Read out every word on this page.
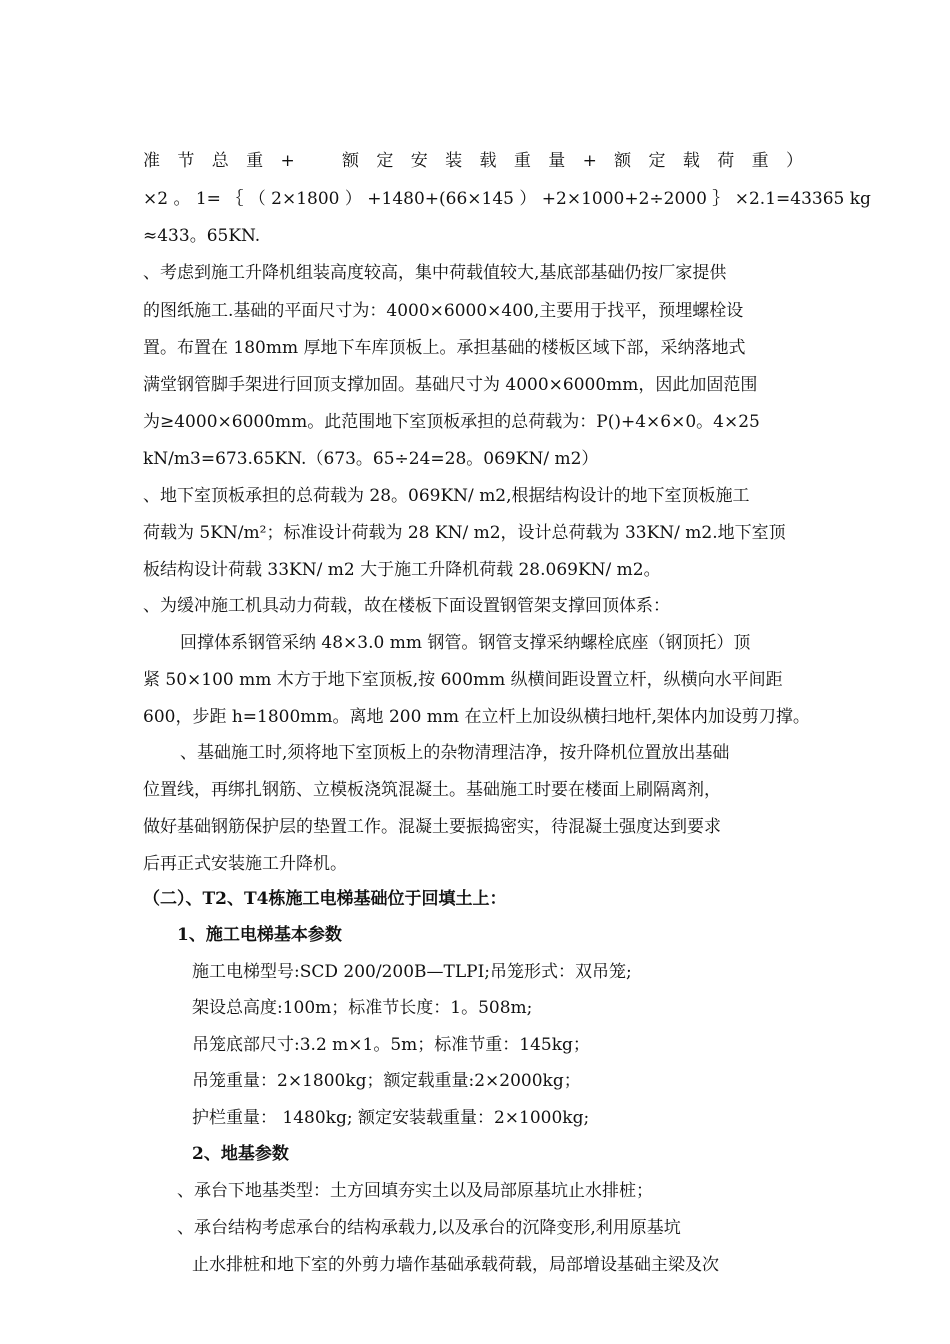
准 节 总 重 +	额 定 安 装 载 重 量 + 额 定 载 荷 重 ）
×2 。 1= ｛ （ 2×1800 ） +1480+(66×145 ） +2×1000+2÷2000 ｝ ×2.1=43365 kg
≈433。65KN.
、考虑到施工升降机组装高度较高，集中荷载值较大,基底部基础仍按厂家提供
的图纸施工.基础的平面尺寸为：4000×6000×400,主要用于找平，预埋螺栓设
置。布置在 180mm 厚地下车库顶板上。承担基础的楼板区域下部，采纳落地式
满堂钢管脚手架进行回顶支撑加固。基础尺寸为 4000×6000mm，因此加固范围
为≥4000×6000mm。此范围地下室顶板承担的总荷载为：P()+4×6×0。4×25
kN/m3=673.65KN.（673。65÷24=28。069KN/ m2）
、地下室顶板承担的总荷载为 28。069KN/ m2,根据结构设计的地下室顶板施工
荷载为 5KN/m²；标准设计荷载为 28 KN/ m2，设计总荷载为 33KN/ m2.地下室顶
板结构设计荷载 33KN/ m2 大于施工升降机荷载 28.069KN/ m2。
、为缓冲施工机具动力荷载，故在楼板下面设置钢管架支撑回顶体系：
回撑体系钢管采纳 48×3.0 mm 钢管。钢管支撑采纳螺栓底座（钢顶托）顶
紧 50×100 mm 木方于地下室顶板,按 600mm 纵横间距设置立杆，纵横向水平间距
600，步距 h=1800mm。离地 200 mm 在立杆上加设纵横扫地杆,架体内加设剪刀撑。
、基础施工时,须将地下室顶板上的杂物清理洁净，按升降机位置放出基础
位置线，再绑扎钢筋、立模板浇筑混凝土。基础施工时要在楼面上刷隔离剂，
做好基础钢筋保护层的垫置工作。混凝土要振捣密实，待混凝土强度达到要求
后再正式安装施工升降机。
（二）、T2、T4栋施工电梯基础位于回填土上：
1、施工电梯基本参数
施工电梯型号:SCD 200/200B—TLPI;吊笼形式：双吊笼;
架设总高度:100m；标准节长度：1。508m;
吊笼底部尺寸:3.2 m×1。5m；标准节重：145kg；
吊笼重量：2×1800kg；额定载重量:2×2000kg；
护栏重量： 1480kg; 额定安装载重量：2×1000kg;
2、地基参数
、承台下地基类型：土方回填夯实土以及局部原基坑止水排桩；
、承台结构考虑承台的结构承载力,以及承台的沉降变形,利用原基坑
止水排桩和地下室的外剪力墙作基础承载荷载，局部增设基础主梁及次
